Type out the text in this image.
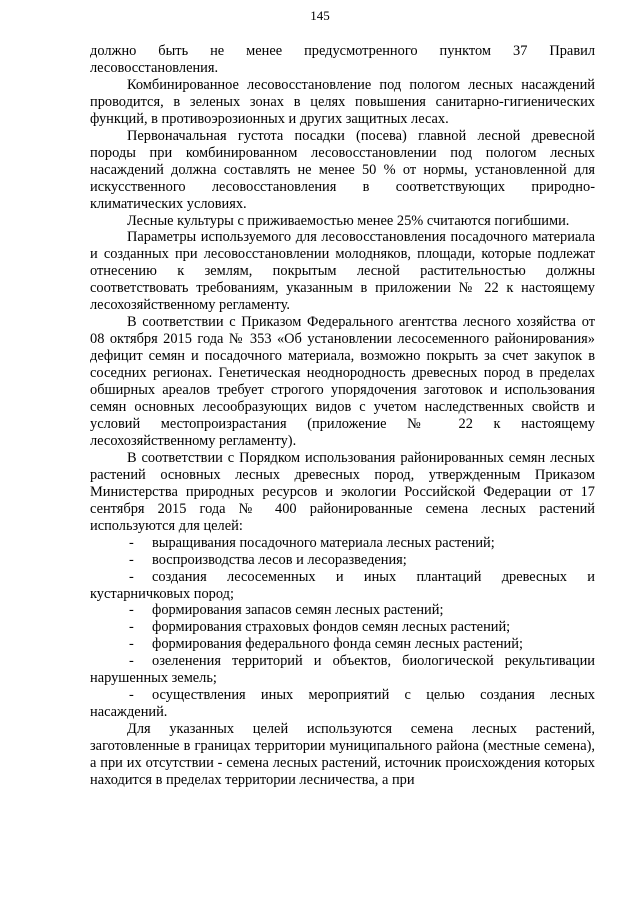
145

должно быть не менее предусмотренного пунктом 37 Правил лесовосстановления.

Комбинированное лесовосстановление под пологом лесных насаждений проводится, в зеленых зонах в целях повышения санитарно-гигиенических функций, в противоэрозионных и других защитных лесах.

Первоначальная густота посадки (посева) главной лесной древесной породы при комбинированном лесовосстановлении под пологом лесных насаждений должна составлять не менее 50 % от нормы, установленной для искусственного лесовосстановления в соответствующих природно-климатических условиях.

Лесные культуры с приживаемостью менее 25% считаются погибшими.

Параметры используемого для лесовосстановления посадочного материала и созданных при лесовосстановлении молодняков, площади, которые подлежат отнесению к землям, покрытым лесной растительностью должны соответствовать требованиям, указанным в приложении № 22 к настоящему лесохозяйственному регламенту.

В соответствии с Приказом Федерального агентства лесного хозяйства от 08 октября 2015 года № 353 «Об установлении лесосеменного районирования» дефицит семян и посадочного материала, возможно покрыть за счет закупок в соседних регионах. Генетическая неоднородность древесных пород в пределах обширных ареалов требует строгого упорядочения заготовок и использования семян основных лесообразующих видов с учетом наследственных свойств и условий местопроизрастания (приложение № 22 к настоящему лесохозяйственному регламенту).

В соответствии с Порядком использования районированных семян лесных растений основных лесных древесных пород, утвержденным Приказом Министерства природных ресурсов и экологии Российской Федерации от 17 сентября 2015 года № 400 районированные семена лесных растений используются для целей:

- выращивания посадочного материала лесных растений;

- воспроизводства лесов и лесоразведения;

- создания лесосеменных и иных плантаций древесных и кустарничковых пород;

- формирования запасов семян лесных растений;

- формирования страховых фондов семян лесных растений;

- формирования федерального фонда семян лесных растений;

- озеленения территорий и объектов, биологической рекультивации нарушенных земель;

- осуществления иных мероприятий с целью создания лесных насаждений.

Для указанных целей используются семена лесных растений, заготовленные в границах территории муниципального района (местные семена), а при их отсутствии - семена лесных растений, источник происхождения которых находится в пределах территории лесничества, а при
